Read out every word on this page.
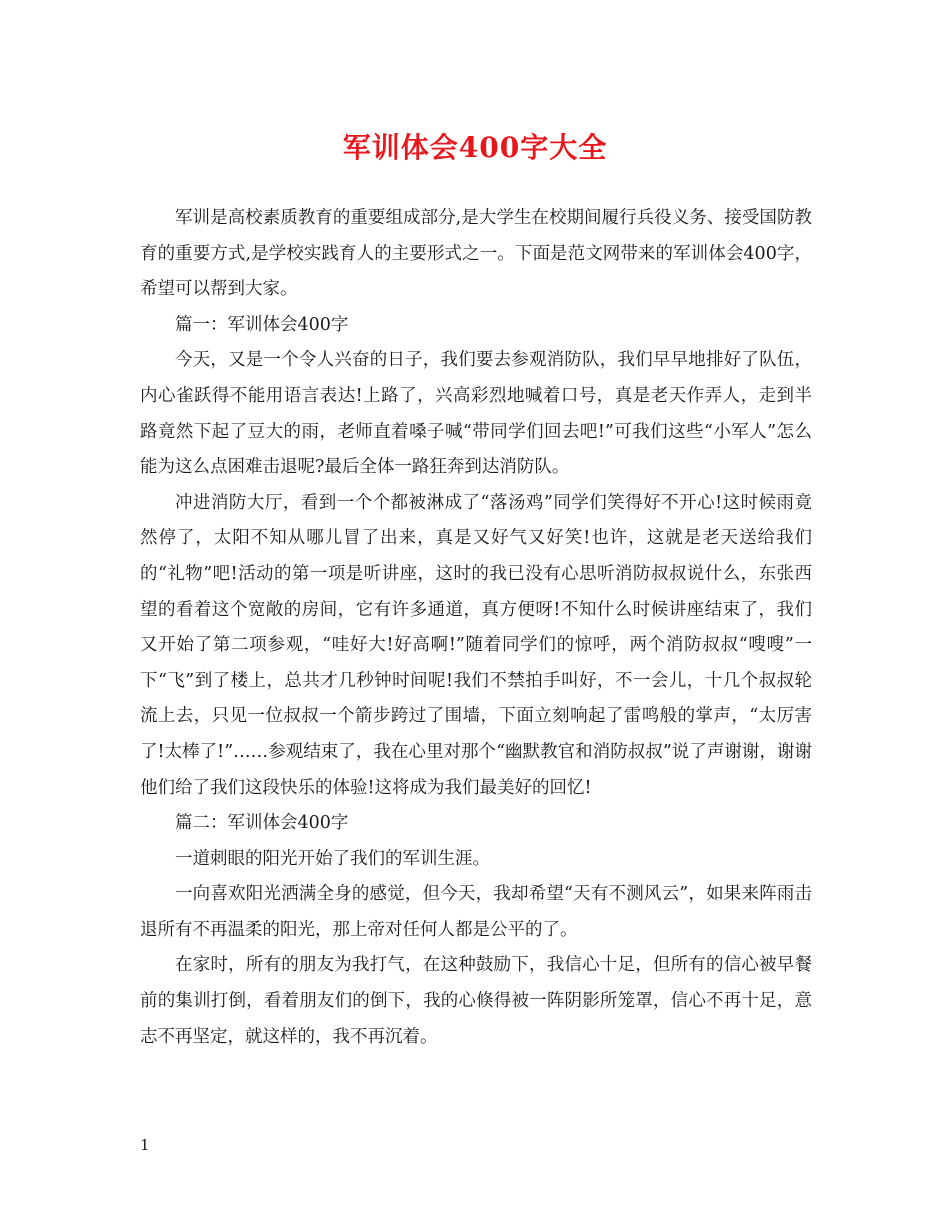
军训体会400字大全

军训是高校素质教育的重要组成部分,是大学生在校期间履行兵役义务、接受国防教育的重要方式,是学校实践育人的主要形式之一。下面是范文网带来的军训体会400字，希望可以帮到大家。

篇一：军训体会400字

今天，又是一个令人兴奋的日子，我们要去参观消防队，我们早早地排好了队伍，内心雀跃得不能用语言表达!上路了，兴高彩烈地喊着口号，真是老天作弄人，走到半路竟然下起了豆大的雨，老师直着嗓子喊“带同学们回去吧!”可我们这些“小军人”怎么能为这么点困难击退呢?最后全体一路狂奔到达消防队。

冲进消防大厅，看到一个个都被淋成了“落汤鸡”同学们笑得好不开心!这时候雨竟然停了，太阳不知从哪儿冒了出来，真是又好气又好笑!也许，这就是老天送给我们的“礼物”吧!活动的第一项是听讲座，这时的我已没有心思听消防叔叔说什么，东张西望的看着这个宽敞的房间，它有许多通道，真方便呀!不知什么时候讲座结束了，我们又开始了第二项参观，“哇好大!好高啊!”随着同学们的惊呼，两个消防叔叔“嗖嗖”一下“飞”到了楼上，总共才几秒钟时间呢!我们不禁拍手叫好，不一会儿，十几个叔叔轮流上去，只见一位叔叔一个箭步跨过了围墙，下面立刻响起了雷鸣般的掌声，“太厉害了!太棒了!”……参观结束了，我在心里对那个“幽默教官和消防叔叔”说了声谢谢，谢谢他们给了我们这段快乐的体验!这将成为我们最美好的回忆!

篇二：军训体会400字

一道刺眼的阳光开始了我们的军训生涯。

一向喜欢阳光洒满全身的感觉，但今天，我却希望“天有不测风云”，如果来阵雨击退所有不再温柔的阳光，那上帝对任何人都是公平的了。

在家时，所有的朋友为我打气，在这种鼓励下，我信心十足，但所有的信心被早餐前的集训打倒，看着朋友们的倒下，我的心倏得被一阵阴影所笼罩，信心不再十足，意志不再坚定，就这样的，我不再沉着。

1
